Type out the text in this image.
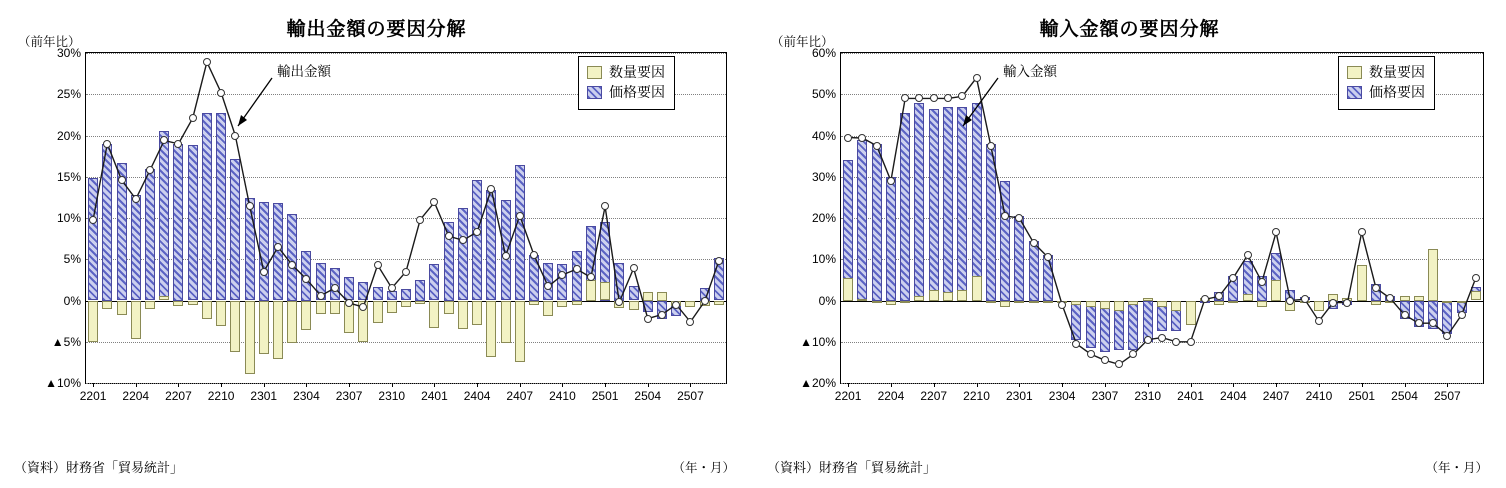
輸出金額の要因分解
（前年比）
▲10%
▲5%
0%
5%
10%
15%
20%
25%
30%
2201 2204 2207 2210 2301 2304 2307 2310 2401 2404 2407 2410 2501 2504 2507
数量要因
価格要因
輸出金額
（資料）財務省「貿易統計」	（年・月）
輸入金額の要因分解
（前年比）
▲20%
▲10%
0%
10%
20%
30%
40%
50%
60%
2201 2204 2207 2210 2301 2304 2307 2310 2401 2404 2407 2410 2501 2504 2507
数量要因
価格要因
輸入金額
（資料）財務省「貿易統計」	（年・月）
